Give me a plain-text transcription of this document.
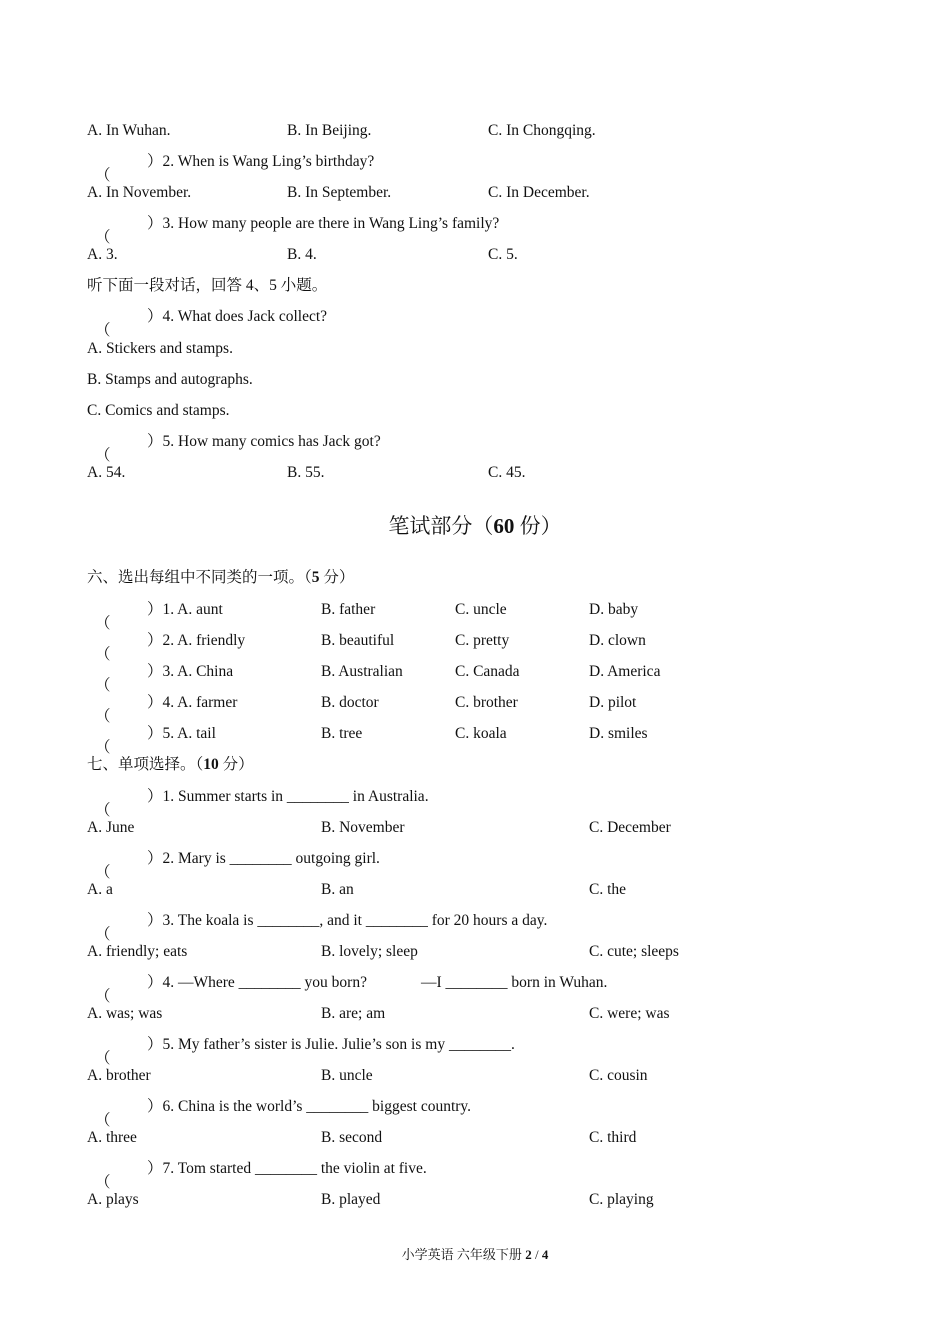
A. In Wuhan.	B. In Beijing.	C. In Chongqing.
（
）2. When is Wang Ling’s birthday?
A. In November.	B. In September.	C. In December.
（
）3. How many people are there in Wang Ling’s family?
A. 3.	B. 4.	C. 5.
听下面一段对话，回答 4、5 小题。
（
）4. What does Jack collect?
A. Stickers and stamps.
B. Stamps and autographs.
C. Comics and stamps.
（
）5. How many comics has Jack got?
A. 54.	B. 55.	C. 45.
笔试部分（60 份）
六、选出每组中不同类的一项。（5 分）
（
）1. A. aunt	B. father	C. uncle	D. baby
（
）2. A. friendly	B. beautiful	C. pretty	D. clown
（
）3. A. China	B. Australian	C. Canada	D. America
（
）4. A. farmer	B. doctor	C. brother	D. pilot
（
）5. A. tail	B. tree	C. koala	D. smiles
七、单项选择。（10 分）
（
）1. Summer starts in ________ in Australia.
A. June	B. November	C. December
（
）2. Mary is ________ outgoing girl.
A. a	B. an	C. the
（
）3. The koala is ________, and it ________ for 20 hours a day.
A. friendly; eats	B. lovely; sleep	C. cute; sleeps
（
）4. —Where ________ you born?	—I ________ born in Wuhan.
A. was; was	B. are; am	C. were; was
（
）5. My father’s sister is Julie. Julie’s son is my ________.
A. brother	B. uncle	C. cousin
（
）6. China is the world’s ________ biggest country.
A. three	B. second	C. third
（
）7. Tom started ________ the violin at five.
A. plays	B. played	C. playing
小学英语 六年级下册 2 / 4
